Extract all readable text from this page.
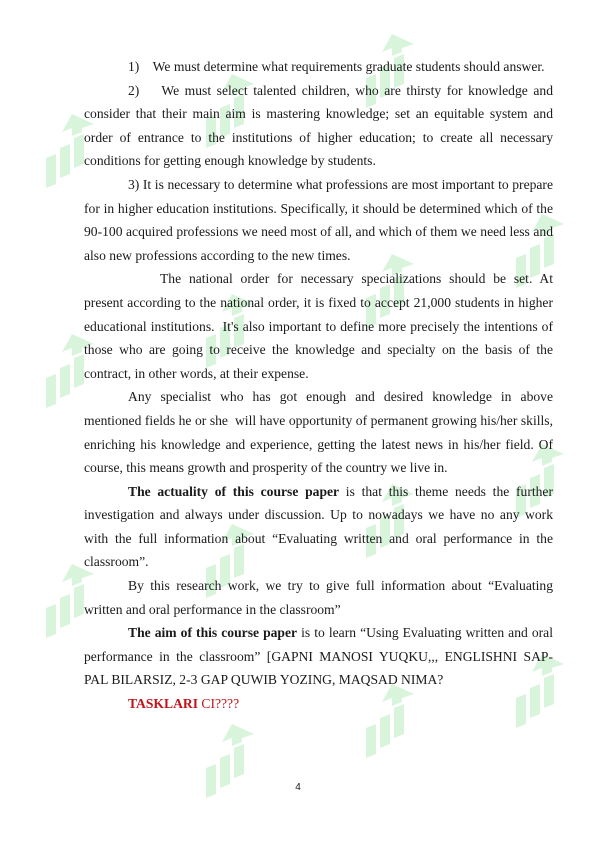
1)    We must determine what requirements graduate students should answer.

2)    We must select talented children, who are thirsty for knowledge and consider that their main aim is mastering knowledge; set an equitable system and order of entrance to the institutions of higher education; to create all necessary conditions for getting enough knowledge by students.

3) It is necessary to determine what professions are most important to prepare for in higher education institutions. Specifically, it should be determined which of the 90-100 acquired professions we need most of all, and which of them we need less and also new professions according to the new times.

The national order for necessary specializations should be set. At present according to the national order, it is fixed to accept 21,000 students in higher educational institutions.  It's also important to define more precisely the intentions of those who are going to receive the knowledge and specialty on the basis of the contract, in other words, at their expense.

Any specialist who has got enough and desired knowledge in above mentioned fields he or she  will have opportunity of permanent growing his/her skills, enriching his knowledge and experience, getting the latest news in his/her field. Of course, this means growth and prosperity of the country we live in.

The actuality of this course paper is that this theme needs the further investigation and always under discussion. Up to nowadays we have no any work with the full information about “Evaluating written and oral performance in the classroom”.

By this research work, we try to give full information about “Evaluating written and oral performance in the classroom”

The aim of this course paper is to learn “Using Evaluating written and oral performance in the classroom” [GAPNI MANOSI YUQKU,,, ENGLISHNI SAP-PAL BILARSIZ, 2-3 GAP QUWIB YOZING, MAQSAD NIMA?

TASKLARI CI????

4
